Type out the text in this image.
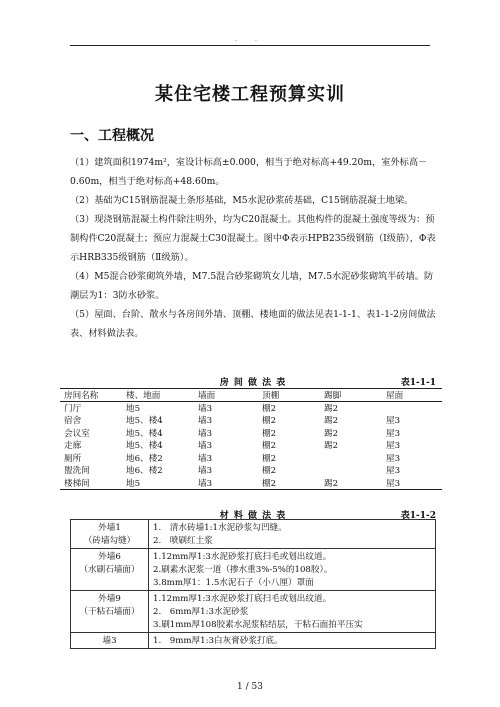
. .
某住宅楼工程预算实训
一、工程概况

（1）建筑面积1974m²，室设计标高±0.000，相当于绝对标高+49.20m，室外标高－0.60m，相当于绝对标高+48.60m。

（2）基础为C15钢筋混凝土条形基础，M5水泥砂浆砖基础，C15钢筋混凝土地梁。

（3）现浇钢筋混凝土构件除注明外，均为C20混凝土。其他构件的混凝土强度等级为：预制构件C20混凝土；预应力混凝土C30混凝土。图中Φ表示HPB235级钢筋（Ⅰ级筋），Φ表示HRB335级钢筋（Ⅱ级筋）。

（4）M5混合砂浆砌筑外墙，M7.5混合砂浆砌筑女儿墙，M7.5水泥砂浆砌筑半砖墙。防潮层为1：3防水砂浆。

（5）屋面、台阶、散水与各房间外墙、顶棚、楼地面的做法见表1-1-1、表1-1-2房间做法表、材料做法表。

房 间 做 法 表	表1-1-1
房间名称	楼、地面	墙面	顶棚	踢脚	屋面
门厅	地5	墙3	棚2	踢2	
宿舍	地5、楼4	墙3	棚2	踢2	屋3
会议室	地5、楼4	墙3	棚2	踢2	屋3
走廊	地5、楼4	墙3	棚2	踢2	屋3
厕所	地6、楼2	墙3	棚2		屋3
盥洗间	地6、楼2	墙3	棚2		屋3
楼梯间	地5	墙3	棚2	踢2	屋3
材 料 做 法 表	表1-1-2
外墙1
（砖墙勾缝）	1.　清水砖墙1:1水泥砂浆勾凹缝。
2.　喷刷红土浆

外墙6
（水刷石墙面）	1.12mm厚1:3水泥砂浆打底扫毛或划出纹道。
2.刷素水泥浆一道（掺水重3%-5%的108胶）。
3.8mm厚1：1.5水泥石子（小八厘）罩面

外墙9
（干粘石墙面）	1.12mm厚1:3水泥砂浆打底扫毛或划出纹道。
2.　6mm厚1:3水泥砂浆
3.刷1mm厚108胶素水泥浆粘结层，干粘石面拍平压实

墙3	1.　9mm厚1:3白灰膏砂浆打底。
1 / 53
